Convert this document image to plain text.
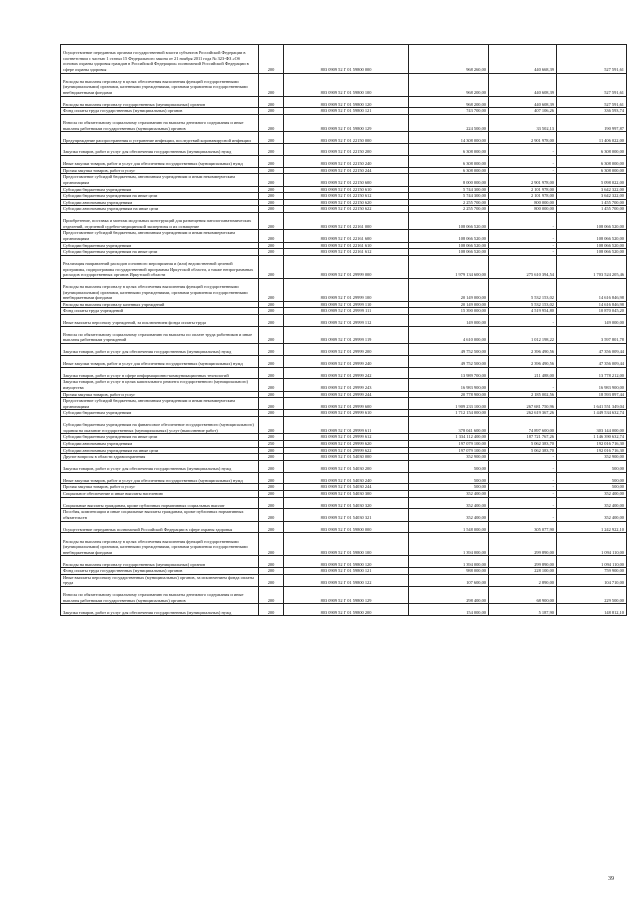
Осуществление переданных органам государственной власти субъектов Российской Федерации в соответствии с частью 1 статьи 15 Федерального закона от 21 ноября 2011 года № 323-ФЗ «Об основах охраны здоровья граждан в Российской Федерации» полномочий Российской Федерации в сфере охраны здоровья	200	803 0909 52 Г 01 59800 000	968 260,00	440 668,39	527 591,61
Расходы на выплаты персоналу в целях обеспечения выполнения функций государственными (муниципальными) органами, казенными учреждениями, органами управления государственными внебюджетными фондами	200	803 0909 52 Г 01 59800 100	968 200,00	440 608,39	527 591,61
Расходы на выплаты персоналу государственных (муниципальных) органов	200	803 0909 52 Г 01 59800 120	968 200,00	440 608,39	527 591,61
Фонд оплаты труда государственных (муниципальных) органов	200	803 0909 52 Г 01 59800 121	743 700,00	407 106,26	336 593,74
Взносы по обязательному социальному страхованию на выплаты денежного содержания и иные выплаты работникам государственных (муниципальных) органов	200	803 0909 52 Г 01 59800 129	224 500,00	33 502,13	190 997,87
Предупреждение распространения и устранение инфекции, последствий коронавирусной инфекции	200	803 0909 52 Г 01 22150 000	14 308 000,00	2 901 978,00	11 406 022,00
Закупка товаров, работ и услуг для обеспечения государственных (муниципальных) нужд	200	803 0909 52 Г 01 22150 200	6 308 000,00	-	6 308 000,00
Иные закупки товаров, работ и услуг для обеспечения государственных (муниципальных) нужд	200	803 0909 52 Г 01 22150 240	6 308 000,00	-	6 308 000,00
Прочая закупка товаров, работ и услуг	200	803 0909 52 Г 01 22150 244	6 308 000,00	-	6 308 000,00
Предоставление субсидий бюджетным, автономным учреждениям и иным некоммерческим организациям	200	803 0909 52 Г 01 22150 600	8 000 000,00	2 901 978,00	5 098 022,00
Субсидии бюджетным учреждениям	200	803 0909 52 Г 01 22150 610	5 744 300,00	2 101 978,00	3 642 322,00
Субсидии бюджетным учреждениям на иные цели	200	803 0909 52 Г 01 22150 612	5 744 300,00	2 101 978,00	3 642 322,00
Субсидии автономным учреждениям	200	803 0909 52 Г 01 22150 620	2 255 700,00	800 000,00	1 455 700,00
Субсидии автономным учреждениям на иные цели	200	803 0909 52 Г 01 22150 622	2 255 700,00	800 000,00	1 455 700,00
Приобретение, поставка и монтаж модульных конструкций для размещения патологоанатомических отделений, отделений судебно-медицинской экспертизы и их оснащение	200	803 0909 52 Г 01 22161 000	108 066 520,00	-	108 066 520,00
Предоставление субсидий бюджетным, автономным учреждениям и иным некоммерческим организациям	200	803 0909 52 Г 01 22161 600	108 066 520,00	-	108 066 520,00
Субсидии бюджетным учреждениям	200	803 0909 52 Г 01 22161 610	108 066 520,00	-	108 066 520,00
Субсидии бюджетным учреждениям на иные цели	200	803 0909 52 Г 01 22161 612	108 066 520,00	-	108 066 520,00
Реализация направлений расходов основного мероприятия и (или) ведомственной целевой программы, подпрограммы государственной программы Иркутской области, а также непрограммных расходов государственных органов Иркутской области	200	803 0909 52 Г 01 29999 000	1 979 134 600,00	275 610 394,54	1 703 524 205,46
Расходы на выплаты персоналу в целях обеспечения выполнения функций государственными (муниципальными) органами, казенными учреждениями, органами управления государственными внебюджетными фондами	200	803 0909 52 Г 01 29999 100	20 149 000,00	5 532 153,02	14 616 846,98
Расходы на выплаты персоналу казенных учреждений	200	803 0909 52 Г 01 29999 110	20 149 000,00	5 532 153,02	14 616 846,98
Фонд оплаты труда учреждений	200	803 0909 52 Г 01 29999 111	15 390 000,00	4 519 954,80	10 870 045,20
Иные выплаты персоналу учреждений, за исключением фонда оплаты труда	200	803 0909 52 Г 01 29999 112	149 000,00	-	149 000,00
Взносы по обязательному социальному страхованию на выплаты по оплате труда работников и иные выплаты работникам учреждений	200	803 0909 52 Г 01 29999 119	4 610 000,00	1 012 198,22	3 597 801,78
Закупка товаров, работ и услуг для обеспечения государственных (муниципальных) нужд	200	803 0909 52 Г 01 29999 200	49 752 500,00	2 396 490,56	47 356 009,44
Иные закупки товаров, работ и услуг для обеспечения государственных (муниципальных) нужд	200	803 0909 52 Г 01 29999 240	49 752 500,00	2 396 490,56	47 356 009,44
Закупка товаров, работ и услуг в сфере информационно-коммуникационных технологий	200	803 0909 52 Г 01 29999 242	13 989 700,00	211 488,00	13 778 212,00
Закупка товаров, работ и услуг в целях капитального ремонта государственного (муниципального) имущества	200	803 0909 52 Г 01 29999 243	16 983 900,00	-	16 983 900,00
Прочая закупка товаров, работ и услуг	200	803 0909 52 Г 01 29999 244	20 778 900,00	2 185 002,56	18 593 897,44
Предоставление субсидий бюджетным, автономным учреждениям и иным некоммерческим организациям	200	803 0909 52 Г 01 29999 600	1 909 233 100,00	267 681 750,96	1 641 551 349,04
Субсидии бюджетным учреждениям	200	803 0909 52 Г 01 29999 610	1 712 154 000,00	262 619 367,26	1 449 534 632,74
Субсидии бюджетным учреждениям на финансовое обеспечение государственного (муниципального) задания на оказание государственных (муниципальных) услуг (выполнение работ)	200	803 0909 52 Г 01 29999 611	378 041 600,00	74 897 600,00	303 144 000,00
Субсидии бюджетным учреждениям на иные цели	200	803 0909 52 Г 01 29999 612	1 334 112 400,00	187 721 767,26	1 146 390 632,74
Субсидии автономным учреждениям	250	803 0909 52 Г 01 29999 620	197 079 100,00	5 062 383,70	192 016 716,30
Субсидии автономным учреждениям на иные цели	200	803 0909 52 Г 01 29999 622	197 079 100,00	5 062 383,70	192 016 716,30
Другие вопросы в области здравоохранения	200	803 0909 52 Г 01 54030 000	352 900,00	-	352 900,00
Закупка товаров, работ и услуг для обеспечения государственных (муниципальных) нужд	200	803 0909 52 Г 01 54030 200	500,00	-	500,00
Иные закупки товаров, работ и услуг для обеспечения государственных (муниципальных) нужд	200	803 0909 52 Г 01 54030 240	500,00	-	500,00
Прочая закупка товаров, работ и услуг	200	803 0909 52 Г 01 54030 244	500,00	-	500,00
Социальное обеспечение и иные выплаты населению	200	803 0909 52 Г 01 54030 300	352 400,00	-	352 400,00
Социальные выплаты гражданам, кроме публичных нормативных социальных выплат	200	803 0909 52 Г 01 54030 320	352 400,00	-	352 400,00
Пособия, компенсации и иные социальные выплаты гражданам, кроме публичных нормативных обязательств	200	803 0909 52 Г 01 54030 321	352 400,00	-	352 400,00
Осуществление переданных полномочий Российской Федерации в сфере охраны здоровья	200	803 0909 52 Г 01 59800 000	1 548 000,00	305 077,90	1 242 922,10
Расходы на выплаты персоналу в целях обеспечения выполнения функций государственными (муниципальными) органами, казенными учреждениями, органами управления государственными внебюджетными фондами	200	803 0909 52 Г 01 59800 100	1 394 000,00	299 890,00	1 094 110,00
Расходы на выплаты персоналу государственных (муниципальных) органов	200	803 0909 52 Г 01 59800 120	1 394 000,00	299 890,00	1 094 110,00
Фонд оплаты труда государственных (муниципальных) органов	200	803 0909 52 Г 01 59800 121	988 000,00	228 100,00	759 900,00
Иные выплаты персоналу государственных (муниципальных) органов, за исключением фонда оплаты труда	200	803 0909 52 Г 01 59800 122	107 600,00	2 890,00	104 710,00
Взносы по обязательному социальному страхованию на выплаты денежного содержания и иные выплаты работникам государственных (муниципальных) органов	200	803 0909 52 Г 01 59800 129	298 400,00	68 900,00	229 500,00
Закупка товаров, работ и услуг для обеспечения государственных (муниципальных) нужд	200	803 0909 52 Г 01 59800 200	154 000,00	5 187,90	148 812,10
39
